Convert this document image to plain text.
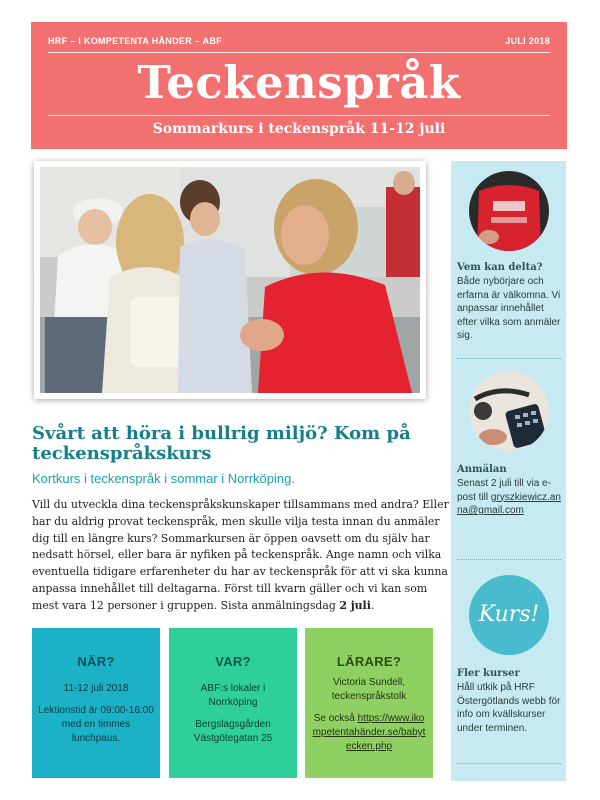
HRF – I KOMPETENTA HÄNDER – ABF	JULI 2018
Teckenspråk
Sommarkurs i teckenspråk 11-12 juli
Svårt att höra i bullrig miljö? Kom på teckenspråkskurs
Kortkurs i teckenspråk i sommar i Norrköping.
Vill du utveckla dina teckenspråkskunskaper tillsammans med andra? Eller har du aldrig provat teckenspråk, men skulle vilja testa innan du anmäler dig till en längre kurs? Sommarkursen är öppen oavsett om du själv har nedsatt hörsel, eller bara är nyfiken på teckenspråk. Ange namn och vilka eventuella tidigare erfarenheter du har av teckenspråk för att vi ska kunna anpassa innehållet till deltagarna. Först till kvarn gäller och vi kan som mest vara 12 personer i gruppen. Sista anmälningsdag 2 juli.
NÄR?

11-12 juli 2018

Lektionstid är 09:00-16:00 med en timmes lunchpaus.

VAR?

ABF:s lokaler i Norrköping

Bergslagsgården Västgötegatan 25

LÄRARE?

Victoria Sundell, teckenspråkstolk

Se också https://www.ikompetentahänder.se/babytecken.php

Vem kan delta?
Både nybörjare och erfarna är välkomna. Vi anpassar innehållet efter vilka som anmäler sig.
Anmälan
Senast 2 juli till via e-post till gryszkiewicz.anna@gmail.com
Kurs!
Fler kurser
Håll utkik på HRF Östergötlands webb för info om kvällskurser under terminen.
